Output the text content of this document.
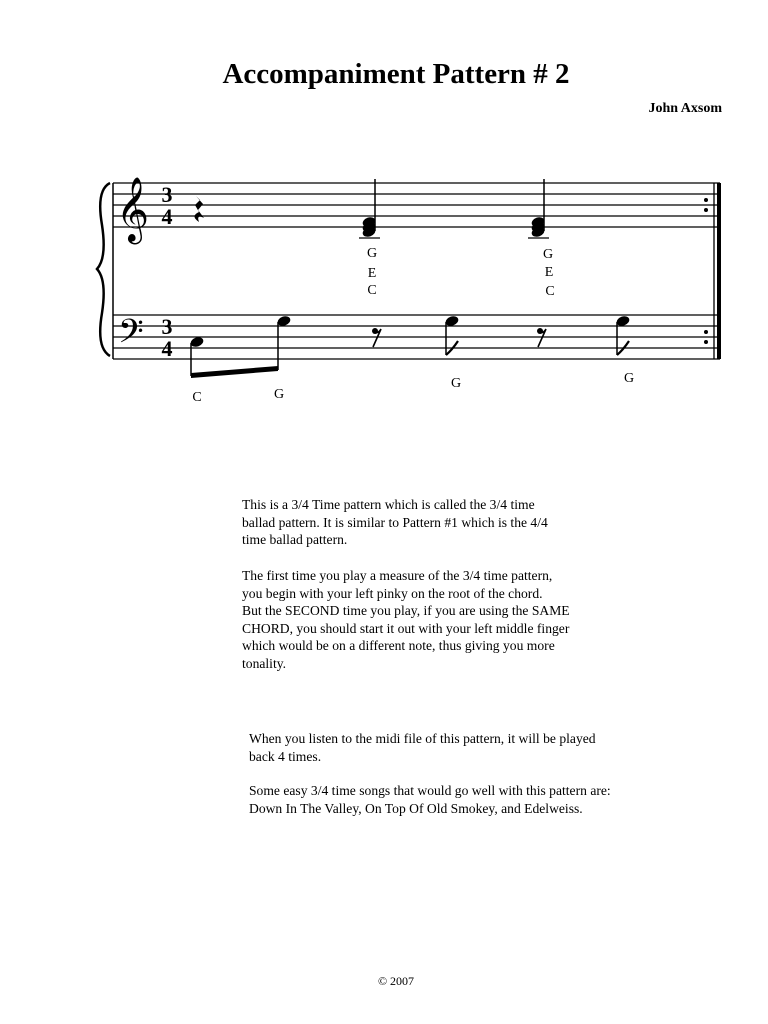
Accompaniment Pattern # 2
John Axsom
𝄞
𝄢
3
4
3
4
G
E
C
G
E
C
C	G
G	G
This is a 3/4 Time pattern which is called the 3/4 time
ballad pattern. It is similar to Pattern #1 which is the 4/4
time ballad pattern.
The first time you play a measure of the 3/4 time pattern,
you begin with your left pinky on the root of the chord.
But the SECOND time you play, if you are using the SAME
CHORD, you should start it out with your left middle finger
which would be on a different note, thus giving you more
tonality.
When you listen to the midi file of this pattern, it will be played
back 4 times.
Some easy 3/4 time songs that would go well with this pattern are:
Down In The Valley, On Top Of Old Smokey, and Edelweiss.
© 2007
